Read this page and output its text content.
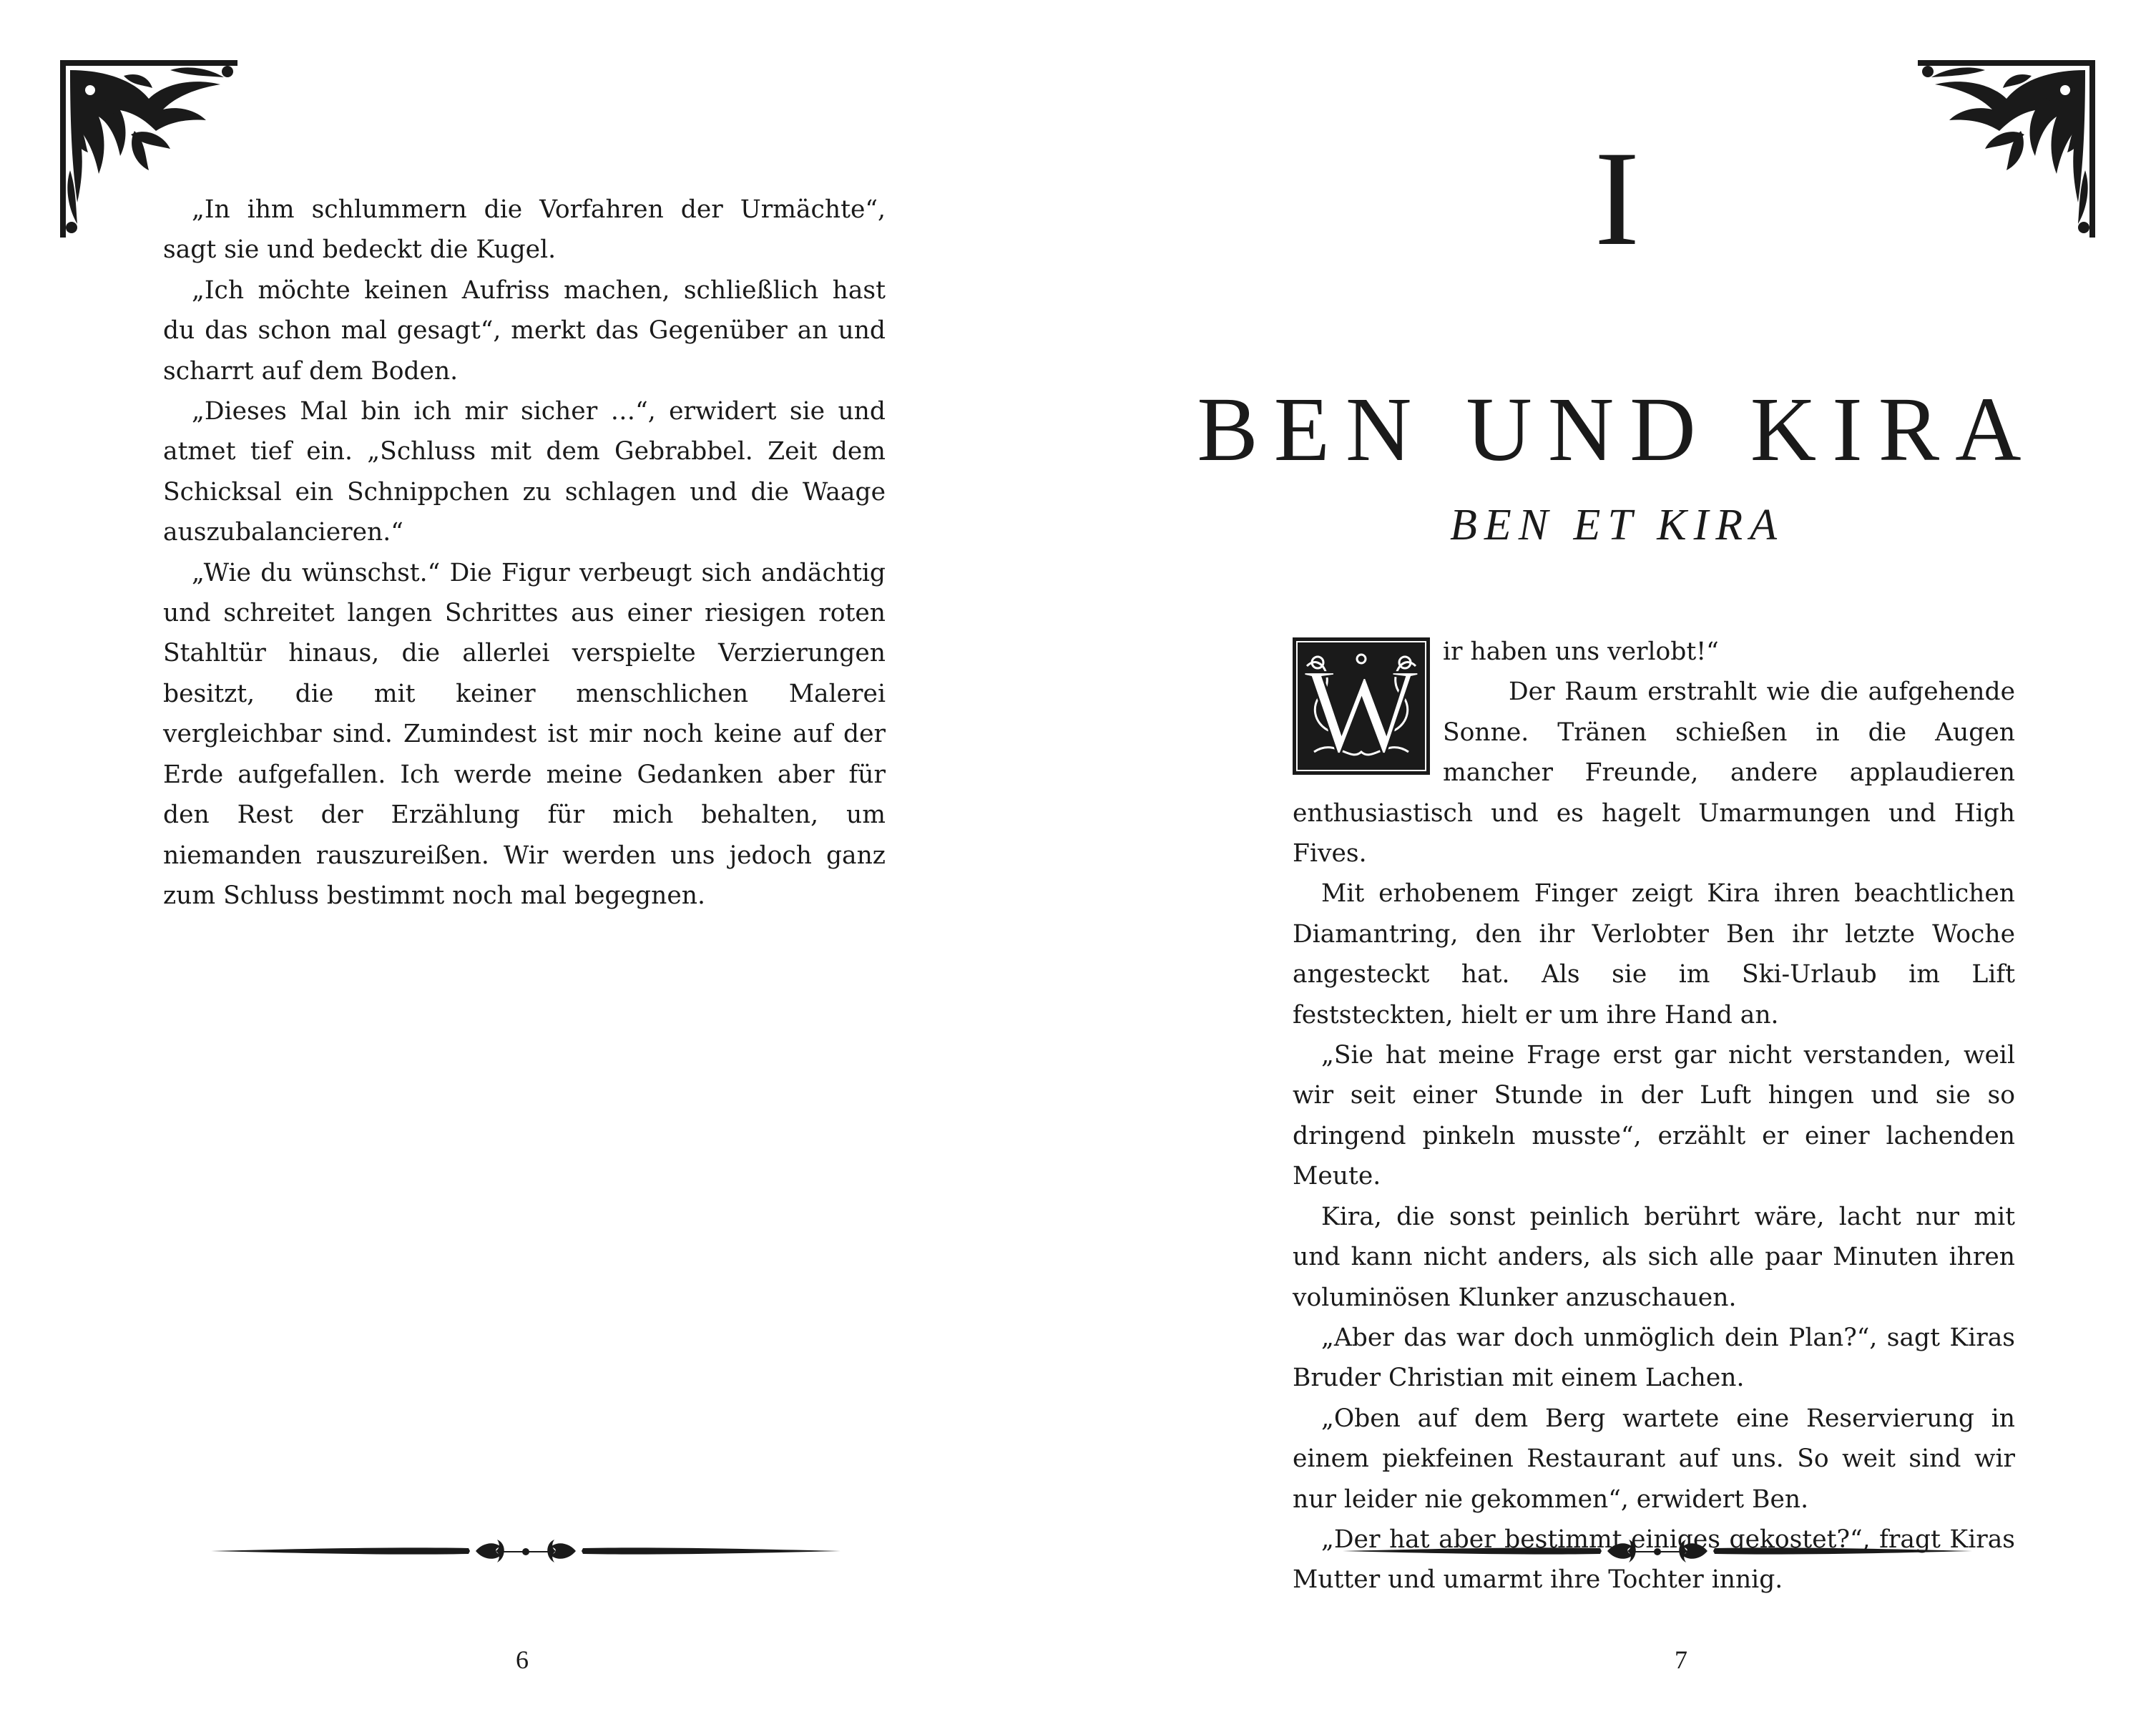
„In ihm schlummern die Vorfahren der Urmächte“, sagt sie und bedeckt die Kugel.

„Ich möchte keinen Aufriss machen, schließlich hast du das schon mal gesagt“, merkt das Gegenüber an und scharrt auf dem Boden.

„Dieses Mal bin ich mir sicher …“, erwidert sie und atmet tief ein. „Schluss mit dem Gebrabbel. Zeit dem Schicksal ein Schnippchen zu schlagen und die Waage auszubalancieren.“

„Wie du wünschst.“ Die Figur verbeugt sich andächtig und schreitet langen Schrittes aus einer riesigen roten Stahltür hinaus, die allerlei verspielte Verzierungen besitzt, die mit keiner menschlichen Malerei vergleichbar sind. Zumindest ist mir noch keine auf der Erde aufgefallen. Ich werde meine Gedanken aber für den Rest der Erzählung für mich behalten, um niemanden rauszureißen. Wir werden uns jedoch ganz zum Schluss bestimmt noch mal begegnen.

6
I
BEN UND KIRA
BEN ET KIRA
W ir haben uns verlobt!“

Der Raum erstrahlt wie die aufgehende Sonne. Tränen schießen in die Augen mancher Freunde, andere applaudieren enthusiastisch und es hagelt Umarmungen und High Fives.

Mit erhobenem Finger zeigt Kira ihren beachtlichen Diamantring, den ihr Verlobter Ben ihr letzte Woche angesteckt hat. Als sie im Ski-Urlaub im Lift feststeckten, hielt er um ihre Hand an.

„Sie hat meine Frage erst gar nicht verstanden, weil wir seit einer Stunde in der Luft hingen und sie so dringend pinkeln musste“, erzählt er einer lachenden Meute.

Kira, die sonst peinlich berührt wäre, lacht nur mit und kann nicht anders, als sich alle paar Minuten ihren voluminösen Klunker anzuschauen.

„Aber das war doch unmöglich dein Plan?“, sagt Kiras Bruder Christian mit einem Lachen.

„Oben auf dem Berg wartete eine Reservierung in einem piekfeinen Restaurant auf uns. So weit sind wir nur leider nie gekommen“, erwidert Ben.

„Der hat aber bestimmt einiges gekostet?“, fragt Kiras Mutter und umarmt ihre Tochter innig.

7
